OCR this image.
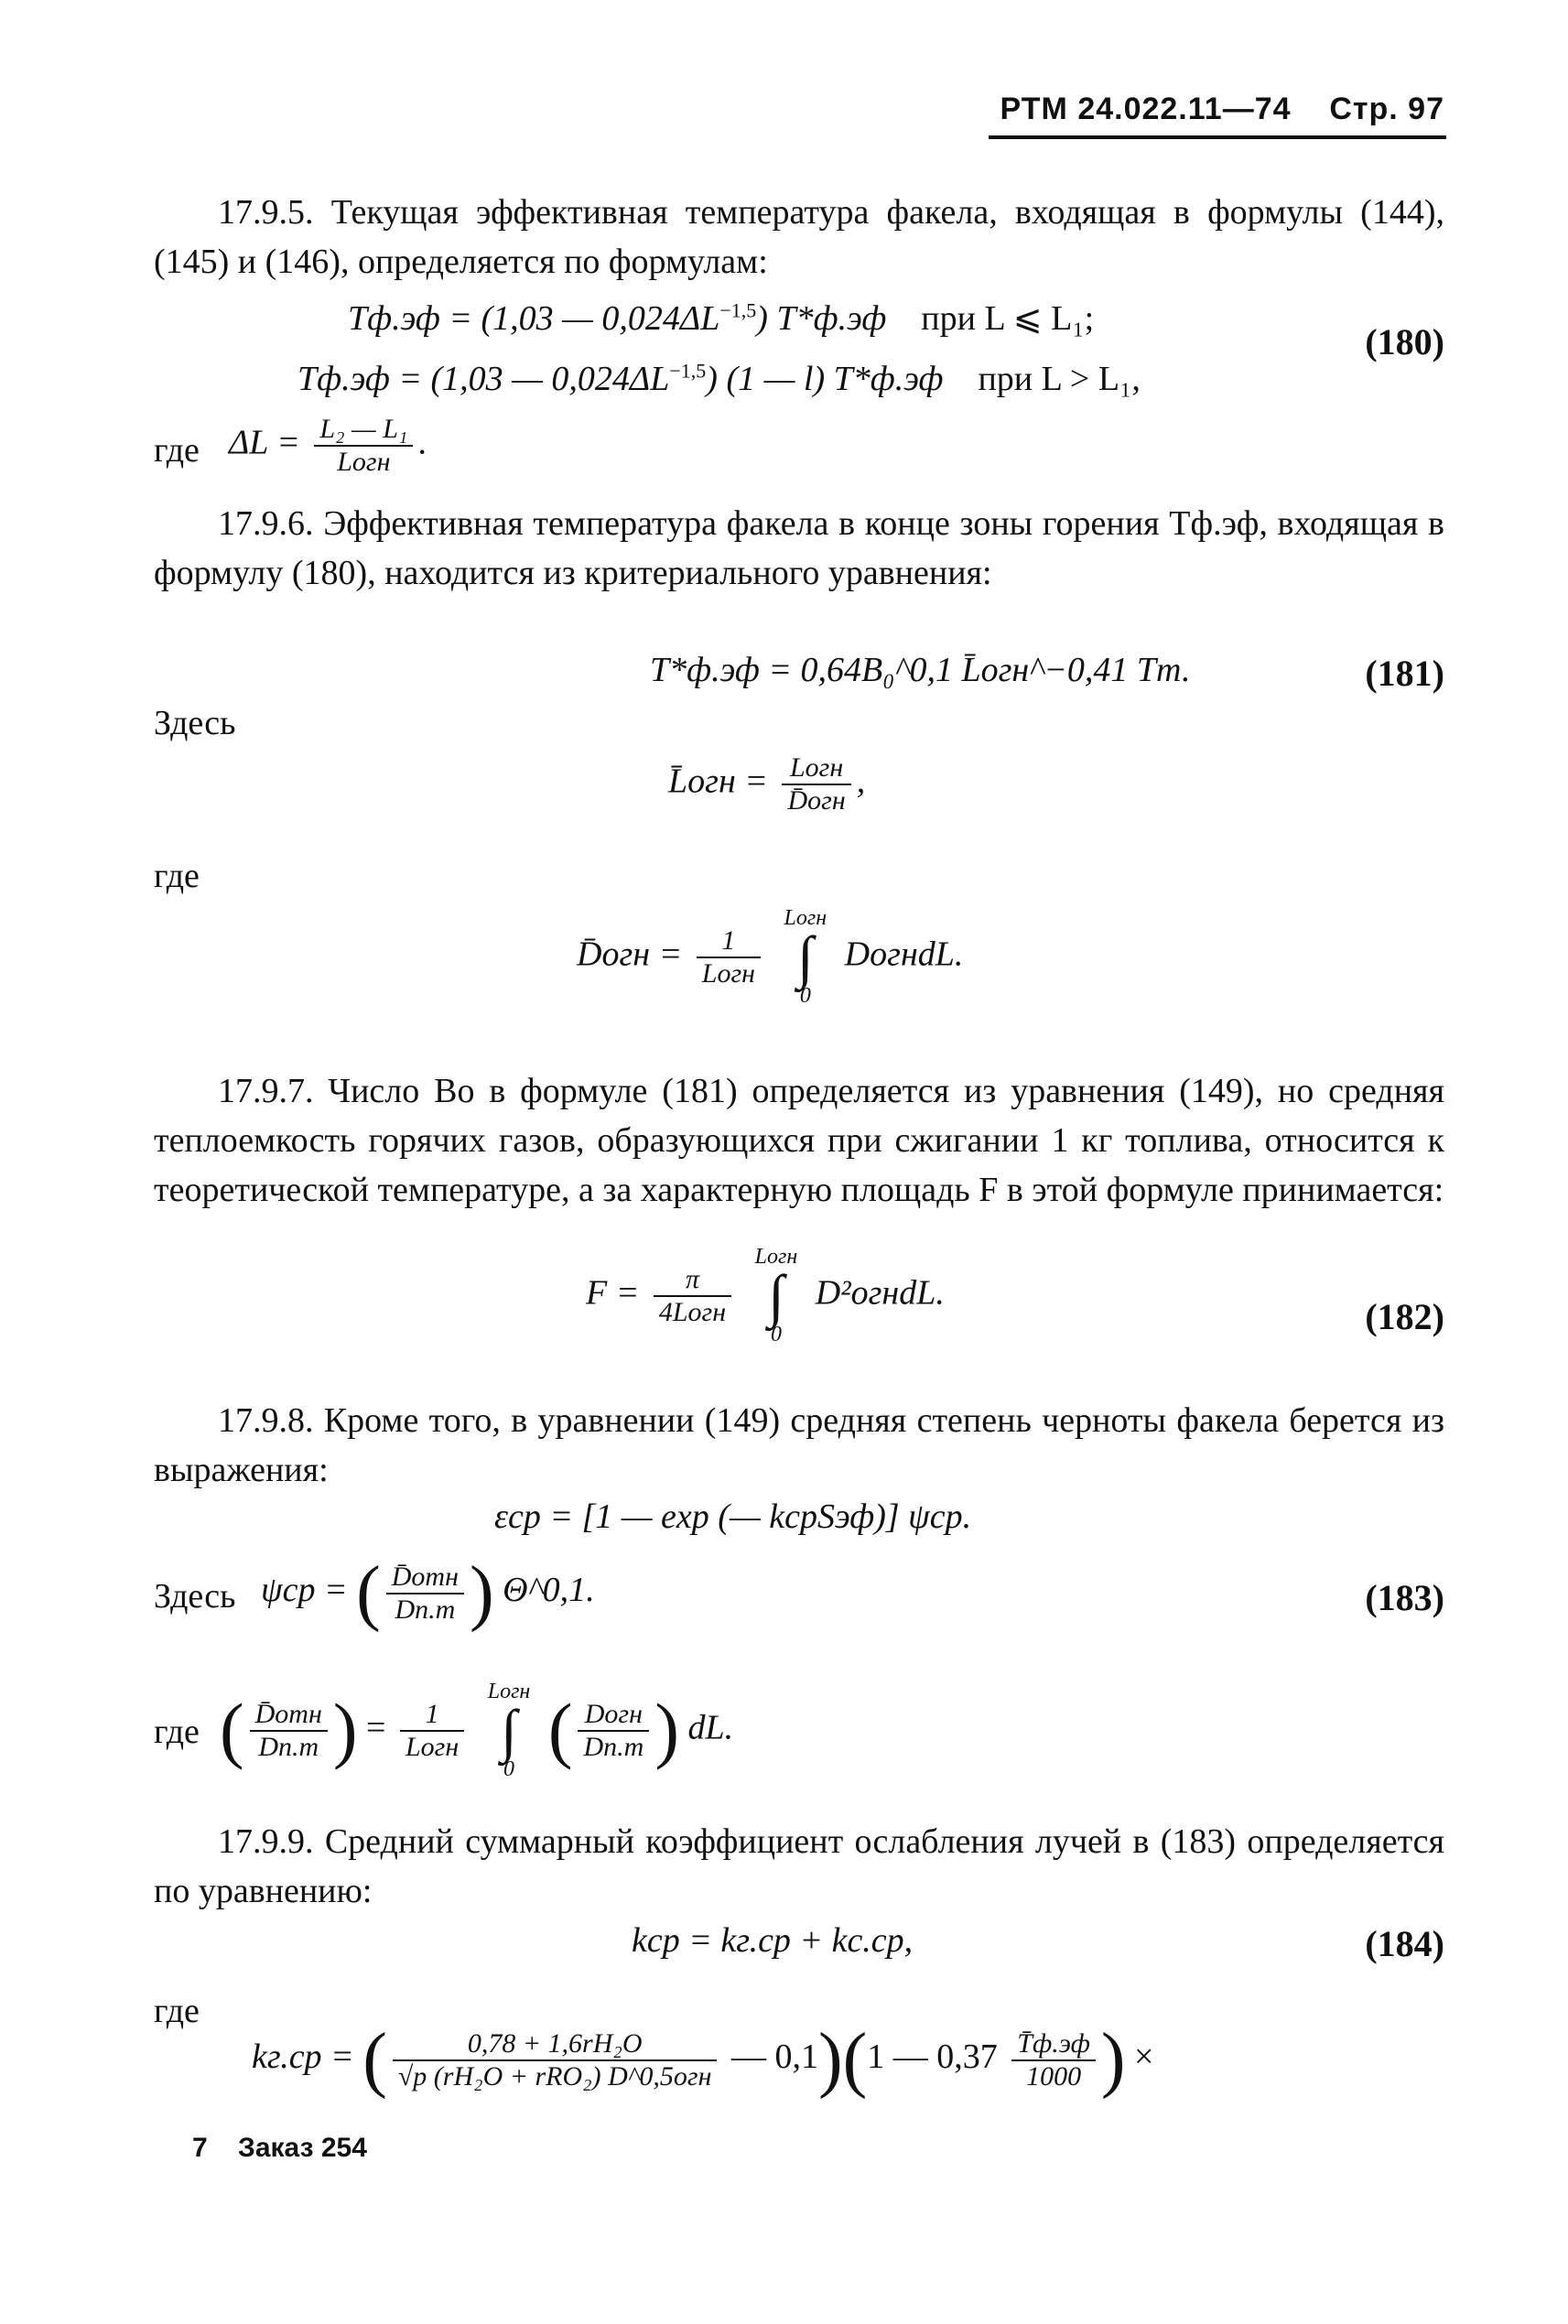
РТМ 24.022.11—74 Стр. 97
17.9.5. Текущая эффективная температура факела, входящая в формулы (144), (145) и (146), определяется по формулам:
Tф.эф = (1,03 — $0,024\Delta L^{-1,5}$) T*ф.эф при L ⩽ L₁;
Tф.эф = (1,03 — $0,024\Delta L^{-1,5}$) (1 — l) T*ф.эф при L > L₁,
(180)
где $\Delta L = \frac{\text{L₂ — L₁}}{\text{Lогн}}$ .
17.9.6. Эффективная температура факела в конце зоны горения Tф.эф, входящая в формулу (180), находится из критериального уравнения:
T*ф.эф = 0,64B₀^0,1 L̄огн^−0,41 Tт.	(181)
Здесь
L̄огн = $\frac{\text{Lогн}}{\text{D̄огн}}$ ,
где
D̄огн = $\frac{1}{\text{Lогн}}$

Lогн
∫
0
DогнdL.
17.9.7. Число Во в формуле (181) определяется из уравнения (149), но средняя теплоемкость горячих газов, образующихся при сжигании 1 кг топлива, относится к теоретической температуре, а за характерную площадь F в этой формуле принимается:
$F = \frac{\pi}{\text{4Lогн}}$

Lогн
∫
0
D²огнdL.
(182)
17.9.8. Кроме того, в уравнении (149) средняя степень черноты факела берется из выражения:
εср = [1 — exp (— kсрSэф)] ψср.
Здесь ψср = ( $\frac{\text{D̄отн}}{Dп.т}$ ) Θ^0,1.	(183)
где ( $\frac{\text{D̄отн}}{Dп.т}$ ) = $\frac{1}{\text{Lогн}}$

Lогн
∫
0 ( $\frac{\text{Dогн}}{Dп.т}$ ) dL.
17.9.9. Средний суммарный коэффициент ослабления лучей в (183) определяется по уравнению:
kср = kг.ср + kс.ср,	(184)
где
kг.ср = ( $\frac{\text{0,78 + 1,6rH₂O}}{\text{√p (rH₂O + rRO₂) D\textasciicircum{}0,5огн}}$ — 0,1)(1 — $0,37 \frac{T̄ф.эф}{1000}$ ) ×
7 Заказ 254
